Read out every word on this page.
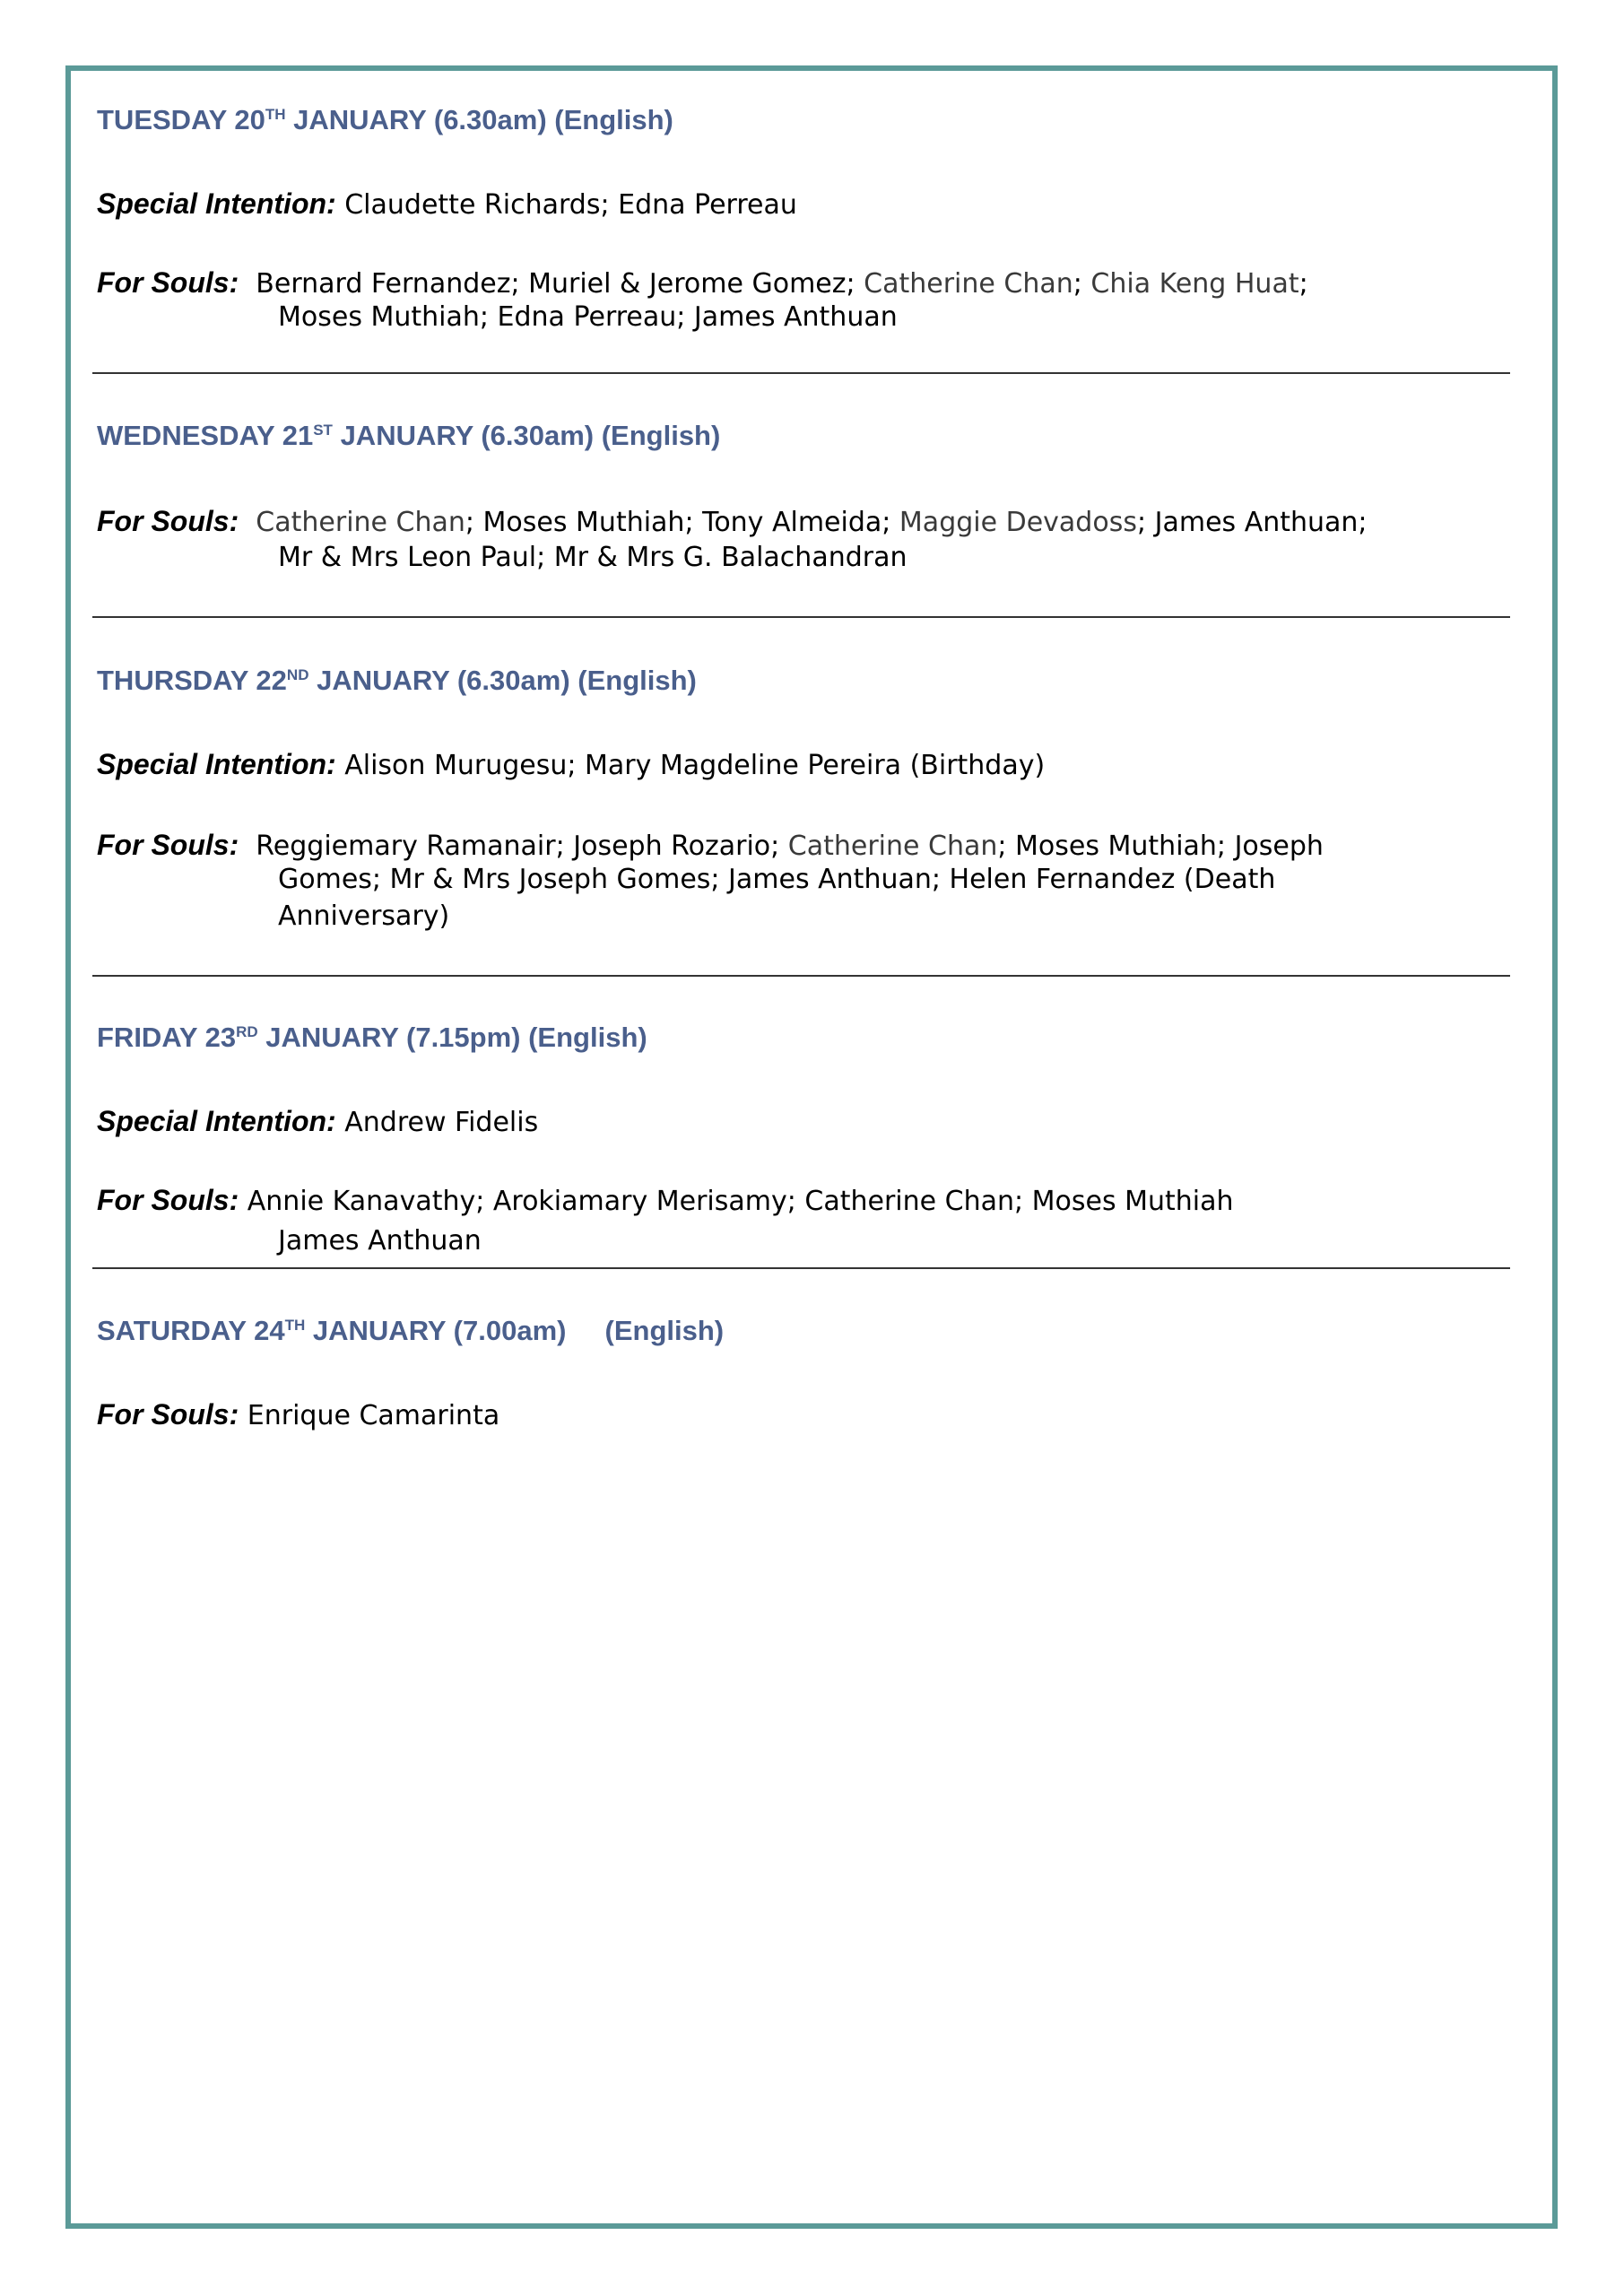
TUESDAY 20TH JANUARY (6.30am) (English)
Special Intention: Claudette Richards; Edna Perreau
For Souls: Bernard Fernandez; Muriel & Jerome Gomez; Catherine Chan; Chia Keng Huat;
Moses Muthiah; Edna Perreau; James Anthuan
WEDNESDAY 21ST JANUARY (6.30am) (English)
For Souls: Catherine Chan; Moses Muthiah; Tony Almeida; Maggie Devadoss; James Anthuan;
Mr & Mrs Leon Paul; Mr & Mrs G. Balachandran
THURSDAY 22ND JANUARY (6.30am) (English)
Special Intention: Alison Murugesu; Mary Magdeline Pereira (Birthday)
For Souls: Reggiemary Ramanair; Joseph Rozario; Catherine Chan; Moses Muthiah; Joseph
Gomes; Mr & Mrs Joseph Gomes; James Anthuan; Helen Fernandez (Death
Anniversary)
FRIDAY 23RD JANUARY (7.15pm) (English)
Special Intention: Andrew Fidelis
For Souls: Annie Kanavathy; Arokiamary Merisamy; Catherine Chan; Moses Muthiah
James Anthuan
SATURDAY 24TH JANUARY (7.00am)     (English)
For Souls: Enrique Camarinta
